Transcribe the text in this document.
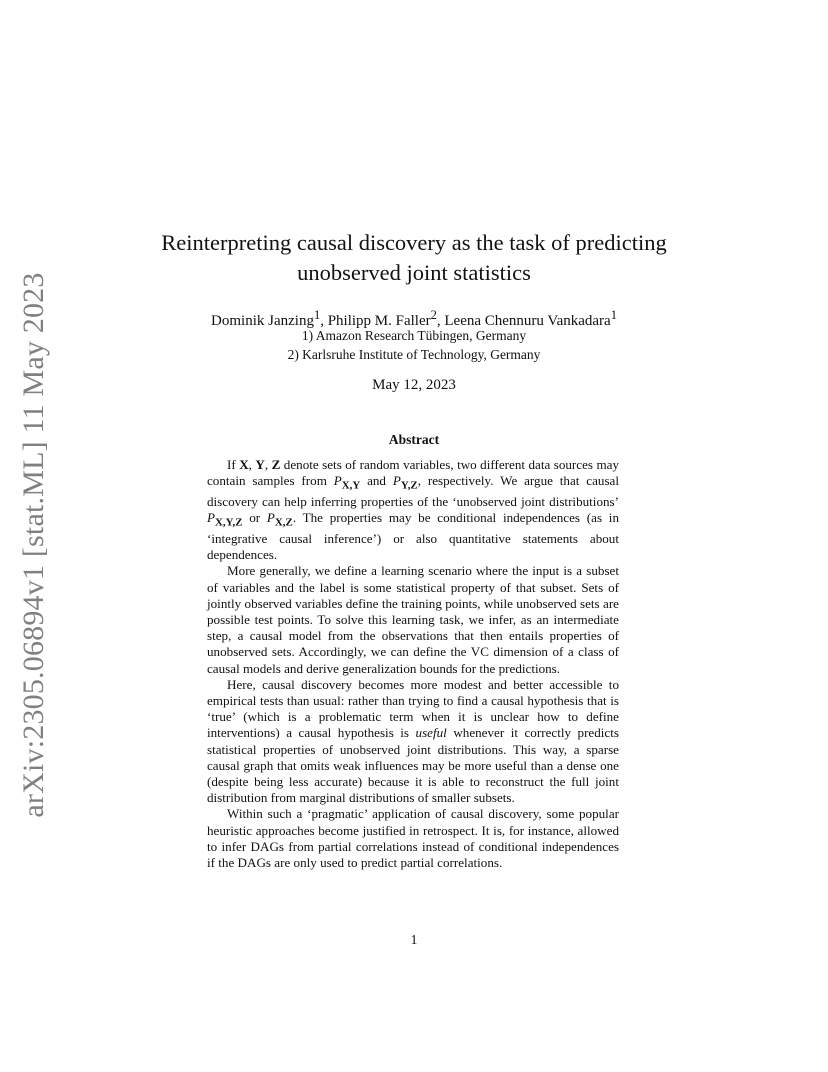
arXiv:2305.06894v1 [stat.ML] 11 May 2023
Reinterpreting causal discovery as the task of predicting unobserved joint statistics
Dominik Janzing$^1$, Philipp M. Faller$^2$, Leena Chennuru Vankadara$^1$
1) Amazon Research Tübingen, Germany
2) Karlsruhe Institute of Technology, Germany
May 12, 2023
Abstract

If X, Y, Z denote sets of random variables, two different data sources may contain samples from $P_{X,Y}$ and $P_{Y,Z}$, respectively. We argue that causal discovery can help inferring properties of the ‘unobserved joint distributions’ $P_{X,Y,Z}$ or $P_{X,Z}$. The properties may be conditional independences (as in ‘integrative causal inference’) or also quantitative statements about dependences.

More generally, we define a learning scenario where the input is a subset of variables and the label is some statistical property of that subset. Sets of jointly observed variables define the training points, while unobserved sets are possible test points. To solve this learning task, we infer, as an intermediate step, a causal model from the observations that then entails properties of unobserved sets. Accordingly, we can define the VC dimension of a class of causal models and derive generalization bounds for the predictions.

Here, causal discovery becomes more modest and better accessible to empirical tests than usual: rather than trying to find a causal hypothesis that is ‘true’ (which is a problematic term when it is unclear how to define interventions) a causal hypothesis is useful whenever it correctly predicts statistical properties of unobserved joint distributions. This way, a sparse causal graph that omits weak influences may be more useful than a dense one (despite being less accurate) because it is able to reconstruct the full joint distribution from marginal distributions of smaller subsets.

Within such a ‘pragmatic’ application of causal discovery, some popular heuristic approaches become justified in retrospect. It is, for instance, allowed to infer DAGs from partial correlations instead of conditional independences if the DAGs are only used to predict partial correlations.

1
